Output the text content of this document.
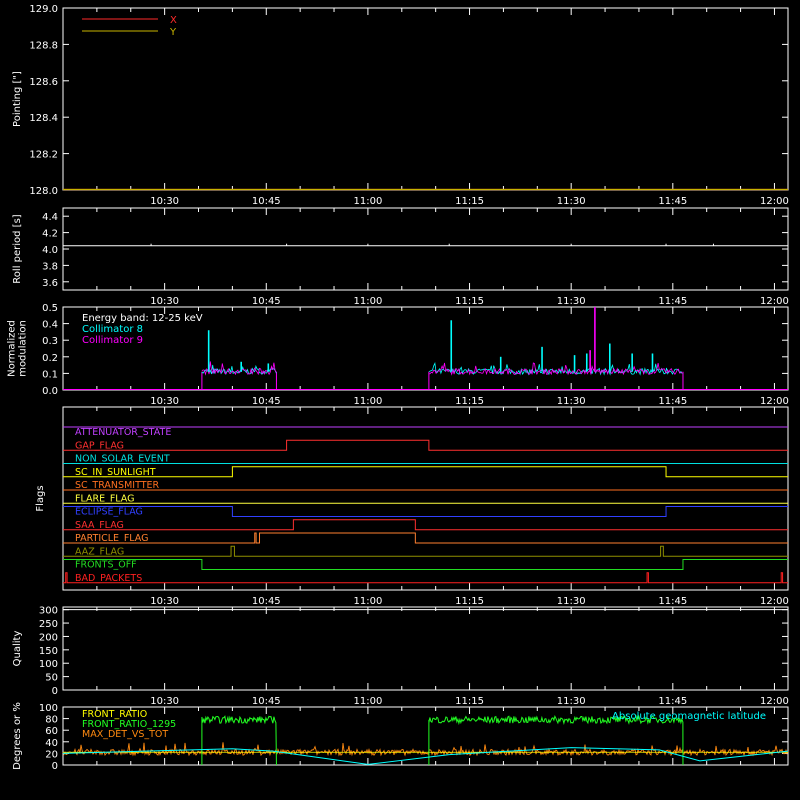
10:30	10:45	11:00	11:15	11:30	11:45	12:00
128.0
128.2
128.4
128.6
128.8
129.0
Pointing ["]
X
Y
10:30	10:45	11:00	11:15	11:30	11:45	12:00
3.6
3.8
4.0
4.2
4.4
Roll period [s]
10:30	10:45	11:00	11:15	11:30	11:45	12:00
0.0
0.1
0.2
0.3
0.4
0.5
Normalized modulation
Energy band: 12-25 keV
Collimator 8
Collimator 9
10:30	10:45	11:00	11:15	11:30	11:45	12:00
Flags
ATTENUATOR_STATE
GAP_FLAG
NON_SOLAR_EVENT
SC_IN_SUNLIGHT
SC_TRANSMITTER
FLARE_FLAG
ECLIPSE_FLAG
SAA_FLAG
PARTICLE_FLAG
AAZ_FLAG
FRONTS_OFF
BAD_PACKETS
10:30	10:45	11:00	11:15	11:30	11:45	12:00
0
50
100
150
200
250
300
Quality
0
20
40
60
80
100
Degrees or %	FRONT_RATIO
FRONT_RATIO_1295
MAX_DET_VS_TOT
Absolute geomagnetic latitude
